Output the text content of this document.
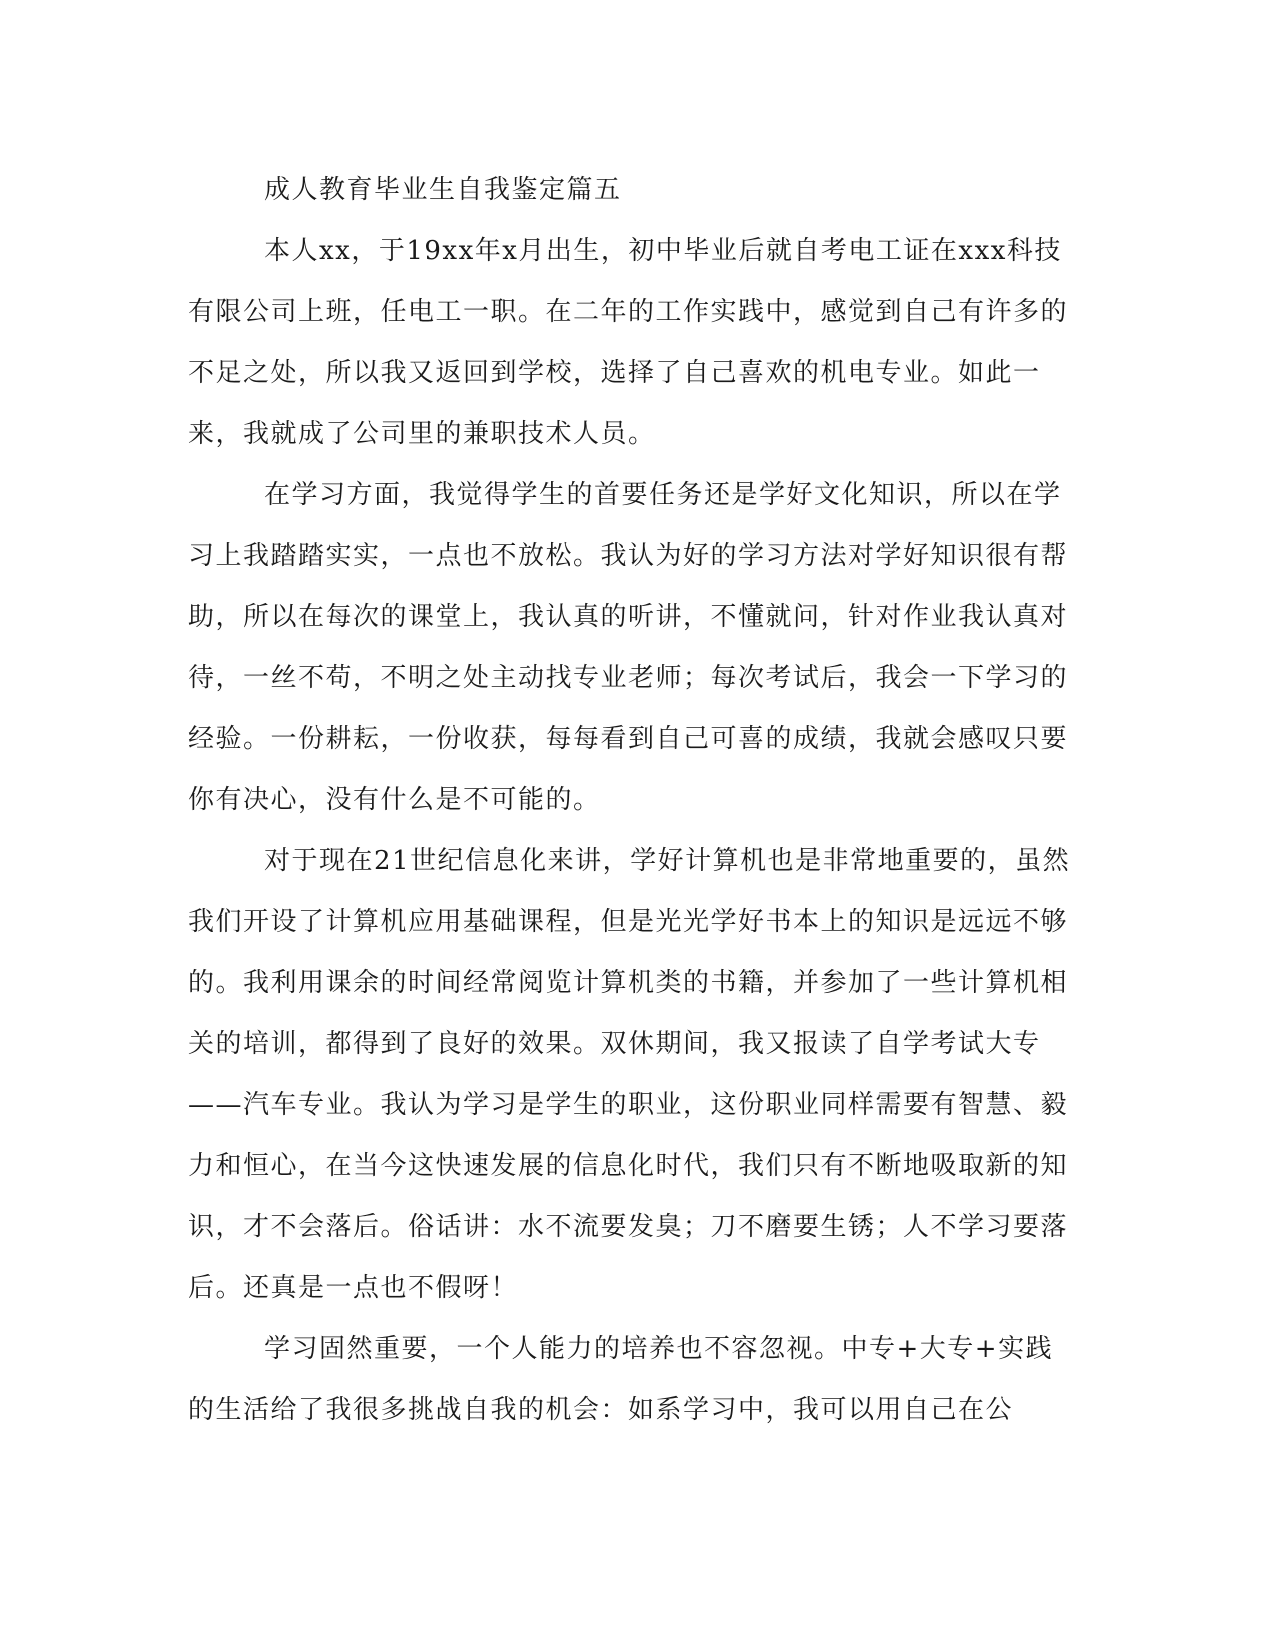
成人教育毕业生自我鉴定篇五

本人xx，于19xx年x月出生，初中毕业后就自考电工证在xxx科技有限公司上班，任电工一职。在二年的工作实践中，感觉到自己有许多的不足之处，所以我又返回到学校，选择了自己喜欢的机电专业。如此一来，我就成了公司里的兼职技术人员。

在学习方面，我觉得学生的首要任务还是学好文化知识，所以在学习上我踏踏实实，一点也不放松。我认为好的学习方法对学好知识很有帮助，所以在每次的课堂上，我认真的听讲，不懂就问，针对作业我认真对待，一丝不苟，不明之处主动找专业老师；每次考试后，我会一下学习的经验。一份耕耘，一份收获，每每看到自己可喜的成绩，我就会感叹只要你有决心，没有什么是不可能的。

对于现在21世纪信息化来讲，学好计算机也是非常地重要的，虽然我们开设了计算机应用基础课程，但是光光学好书本上的知识是远远不够的。我利用课余的时间经常阅览计算机类的书籍，并参加了一些计算机相关的培训，都得到了良好的效果。双休期间，我又报读了自学考试大专——汽车专业。我认为学习是学生的职业，这份职业同样需要有智慧、毅力和恒心，在当今这快速发展的信息化时代，我们只有不断地吸取新的知识，才不会落后。俗话讲：水不流要发臭；刀不磨要生锈；人不学习要落后。还真是一点也不假呀！

学习固然重要，一个人能力的培养也不容忽视。中专+大专+实践的生活给了我很多挑战自我的机会：如系学习中，我可以用自己在公
